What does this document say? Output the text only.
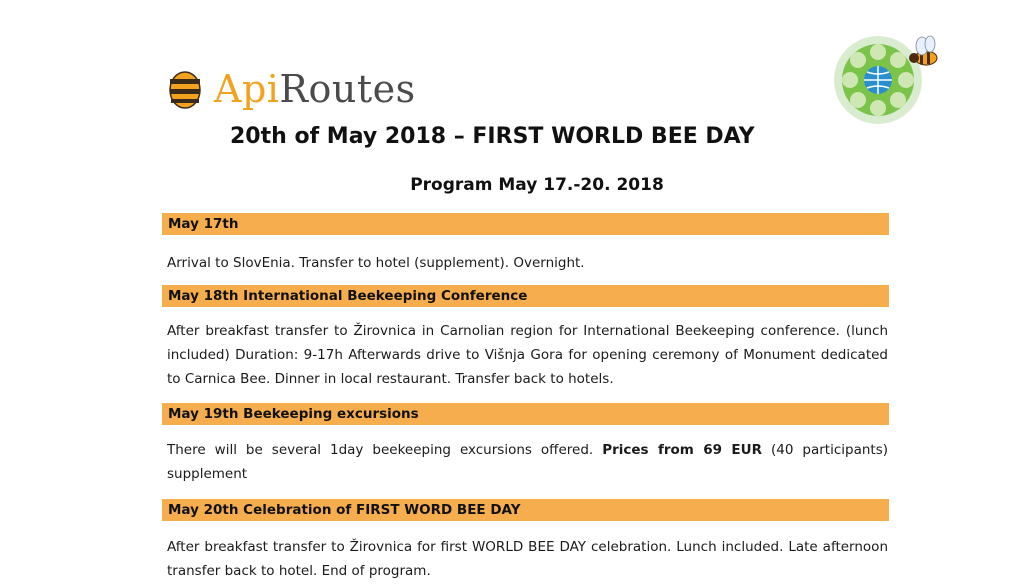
ApiRoutes
20th of May 2018 – FIRST WORLD BEE DAY
Program May 17.-20. 2018
May 17th
Arrival to SlovEnia. Transfer to hotel (supplement). Overnight.
May 18th International Beekeeping Conference
After breakfast transfer to Žirovnica in Carnolian region for International Beekeeping conference. (lunch included) Duration: 9-17h Afterwards drive to Višnja Gora for opening ceremony of Monument dedicated to Carnica Bee. Dinner in local restaurant. Transfer back to hotels.
May 19th Beekeeping excursions
There will be several 1day beekeeping excursions offered. Prices from 69 EUR (40 participants) supplement
May 20th Celebration of FIRST WORD BEE DAY
After breakfast transfer to Žirovnica for first WORLD BEE DAY celebration. Lunch included. Late afternoon transfer back to hotel. End of program.
